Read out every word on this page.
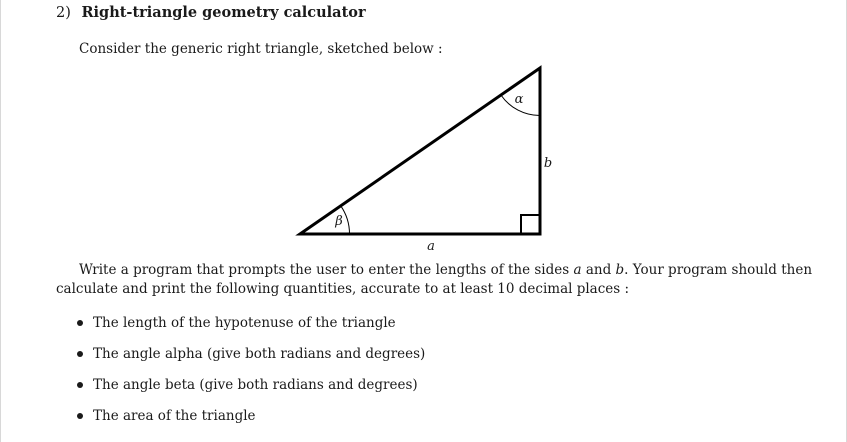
2) Right-triangle geometry calculator
Consider the generic right triangle, sketched below :
α
β
a
b
Write a program that prompts the user to enter the lengths of the sides a and b. Your program should then
calculate and print the following quantities, accurate to at least 10 decimal places :
The length of the hypotenuse of the triangle
The angle alpha (give both radians and degrees)
The angle beta (give both radians and degrees)
The area of the triangle
